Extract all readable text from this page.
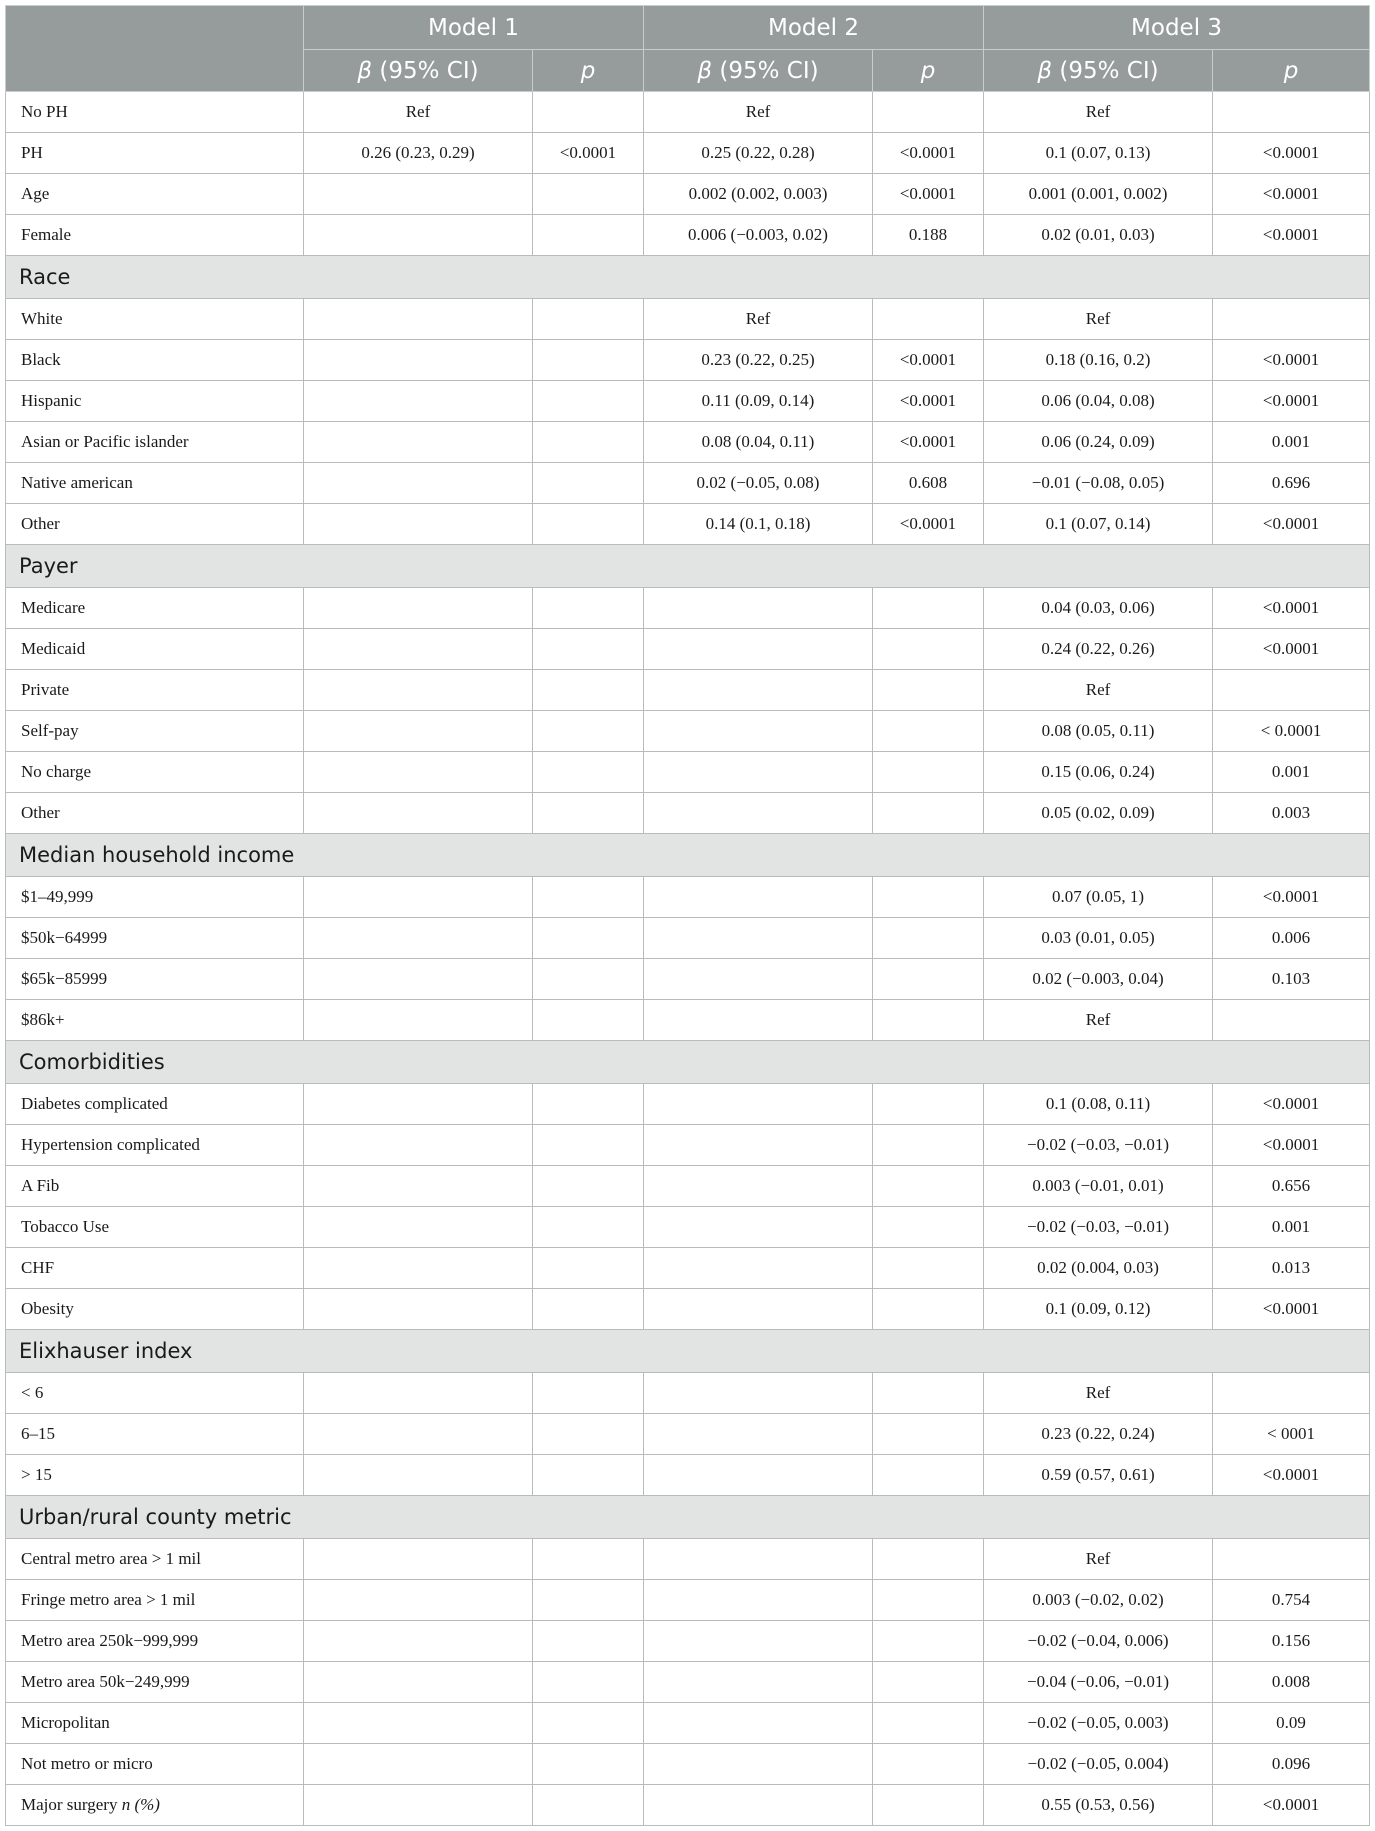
	Model 1		Model 2		Model 3	
	β (95% CI)	p	β (95% CI)	p	β (95% CI)	p
No PH	Ref		Ref		Ref	
PH	0.26 (0.23, 0.29)	<0.0001	0.25 (0.22, 0.28)	<0.0001	0.1 (0.07, 0.13)	<0.0001
Age			0.002 (0.002, 0.003)	<0.0001	0.001 (0.001, 0.002)	<0.0001
Female			0.006 (−0.003, 0.02)	0.188	0.02 (0.01, 0.03)	<0.0001
Race						
White			Ref		Ref	
Black			0.23 (0.22, 0.25)	<0.0001	0.18 (0.16, 0.2)	<0.0001
Hispanic			0.11 (0.09, 0.14)	<0.0001	0.06 (0.04, 0.08)	<0.0001
Asian or Pacific islander			0.08 (0.04, 0.11)	<0.0001	0.06 (0.24, 0.09)	0.001
Native american			0.02 (−0.05, 0.08)	0.608	−0.01 (−0.08, 0.05)	0.696
Other			0.14 (0.1, 0.18)	<0.0001	0.1 (0.07, 0.14)	<0.0001
Payer						
Medicare					0.04 (0.03, 0.06)	<0.0001
Medicaid					0.24 (0.22, 0.26)	<0.0001
Private					Ref	
Self-pay					0.08 (0.05, 0.11)	< 0.0001
No charge					0.15 (0.06, 0.24)	0.001
Other					0.05 (0.02, 0.09)	0.003
Median household income						
$1–49,999					0.07 (0.05, 1)	<0.0001
$50k−64999					0.03 (0.01, 0.05)	0.006
$65k−85999					0.02 (−0.003, 0.04)	0.103
$86k+					Ref	
Comorbidities						
Diabetes complicated					0.1 (0.08, 0.11)	<0.0001
Hypertension complicated					−0.02 (−0.03, −0.01)	<0.0001
A Fib					0.003 (−0.01, 0.01)	0.656
Tobacco Use					−0.02 (−0.03, −0.01)	0.001
CHF					0.02 (0.004, 0.03)	0.013
Obesity					0.1 (0.09, 0.12)	<0.0001
Elixhauser index						
< 6					Ref	
6–15					0.23 (0.22, 0.24)	< 0001
> 15					0.59 (0.57, 0.61)	<0.0001
Urban/rural county metric						
Central metro area > 1 mil					Ref	
Fringe metro area > 1 mil					0.003 (−0.02, 0.02)	0.754
Metro area 250k−999,999					−0.02 (−0.04, 0.006)	0.156
Metro area 50k−249,999					−0.04 (−0.06, −0.01)	0.008
Micropolitan					−0.02 (−0.05, 0.003)	0.09
Not metro or micro					−0.02 (−0.05, 0.004)	0.096
Major surgery n (%)					0.55 (0.53, 0.56)	<0.0001
